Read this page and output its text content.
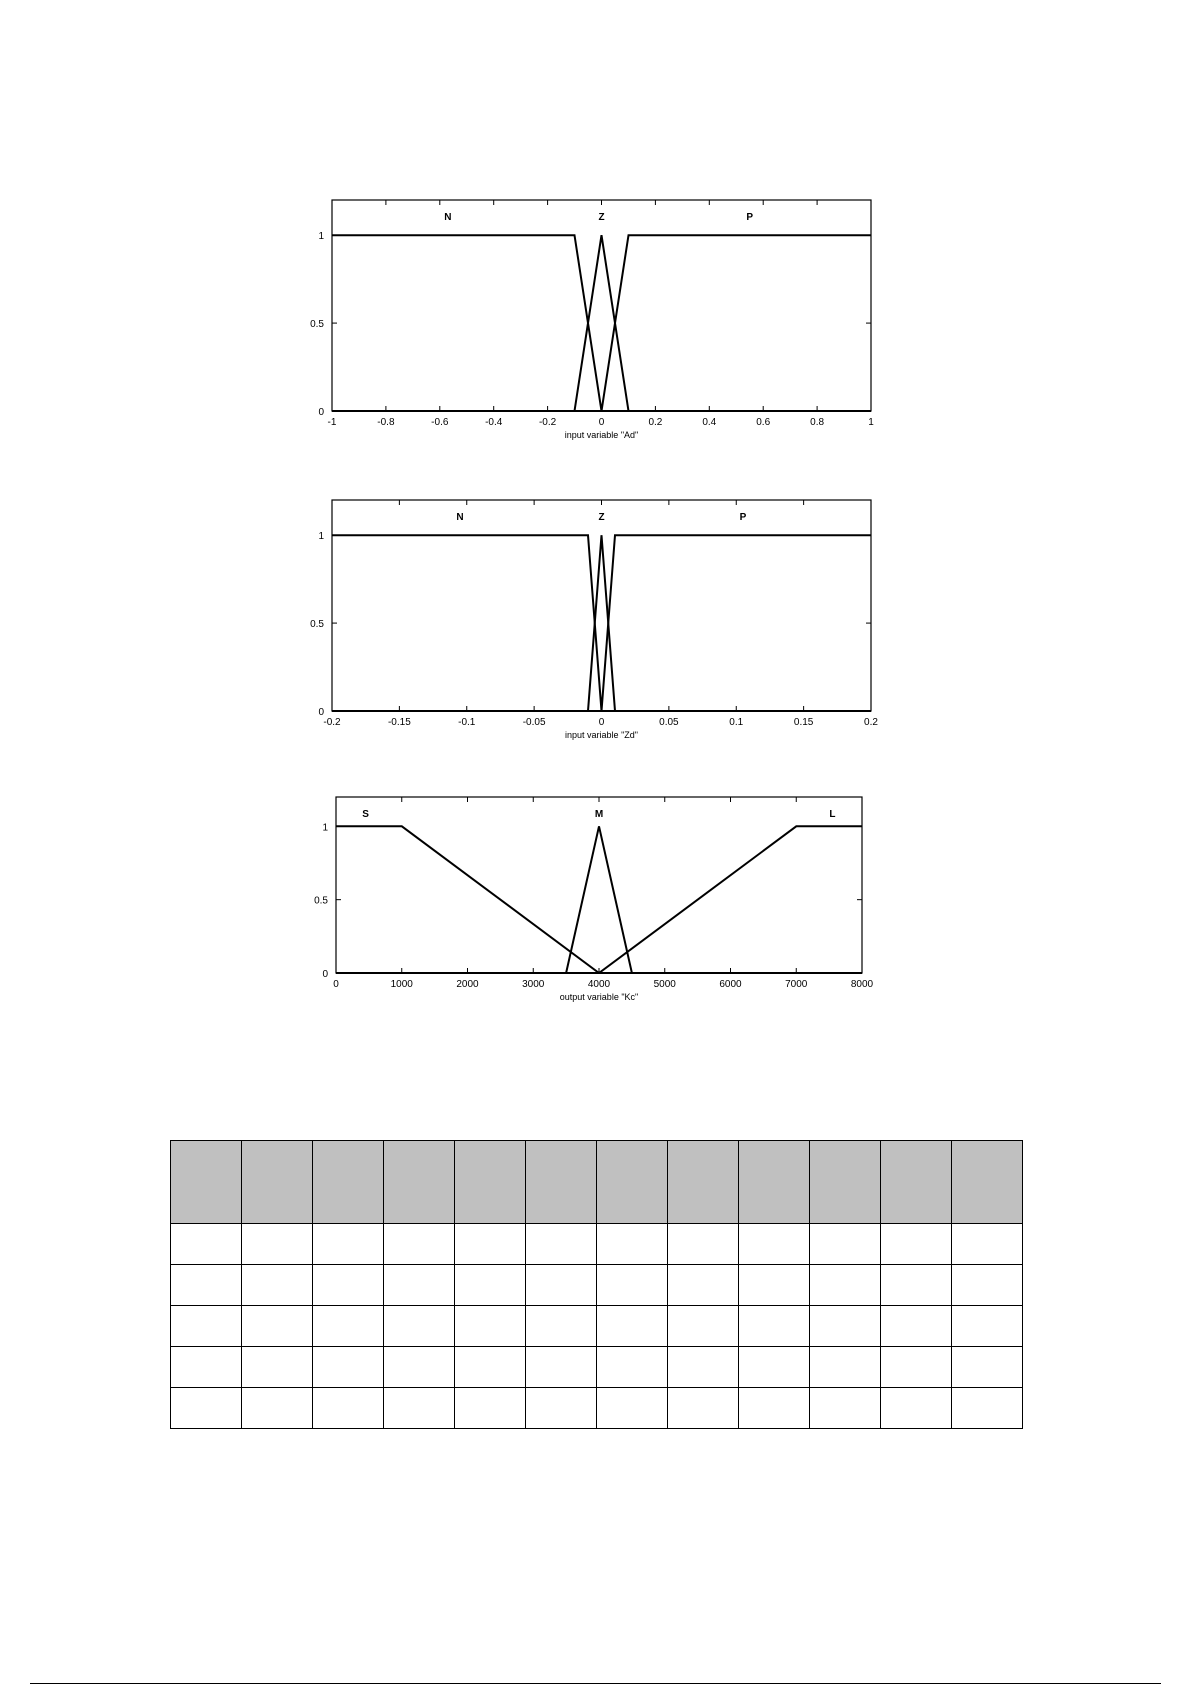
-1	-0.8	-0.6	-0.4	-0.2	0	0.2	0.4	0.6	0.8	1
0
0.5
1
input variable "Ad"
N	Z	P
-0.2	-0.15	-0.1	-0.05	0	0.05	0.1	0.15	0.2
0
0.5
1
input variable "Zd"
N	Z	P
0	1000	2000	3000	4000	5000	6000	7000	8000
0
0.5
1
output variable "Kc"
S	M	L
